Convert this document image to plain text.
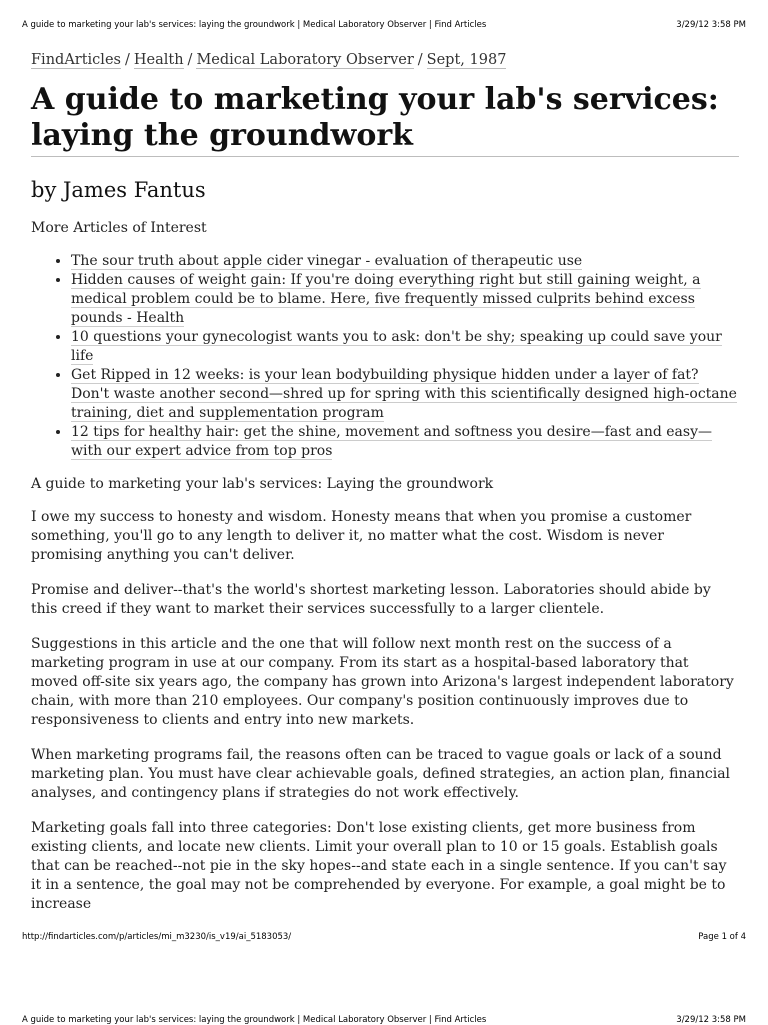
A guide to marketing your lab's services: laying the groundwork | Medical Laboratory Observer | Find Articles	3/29/12 3:58 PM
FindArticles / Health / Medical Laboratory Observer / Sept, 1987
A guide to marketing your lab's services:
laying the groundwork
by James Fantus
More Articles of Interest
• The sour truth about apple cider vinegar - evaluation of therapeutic use
• Hidden causes of weight gain: If you're doing everything right but still gaining weight, a medical problem could be to blame. Here, five frequently missed culprits behind excess pounds - Health
• 10 questions your gynecologist wants you to ask: don't be shy; speaking up could save your life
• Get Ripped in 12 weeks: is your lean bodybuilding physique hidden under a layer of fat? Don't waste another second—shred up for spring with this scientifically designed high-octane training, diet and supplementation program
• 12 tips for healthy hair: get the shine, movement and softness you desire—fast and easy—with our expert advice from top pros
A guide to marketing your lab's services: Laying the groundwork

I owe my success to honesty and wisdom. Honesty means that when you promise a customer something, you'll go to any length to deliver it, no matter what the cost. Wisdom is never promising anything you can't deliver.

Promise and deliver--that's the world's shortest marketing lesson. Laboratories should abide by this creed if they want to market their services successfully to a larger clientele.

Suggestions in this article and the one that will follow next month rest on the success of a marketing program in use at our company. From its start as a hospital-based laboratory that moved off-site six years ago, the company has grown into Arizona's largest independent laboratory chain, with more than 210 employees. Our company's position continuously improves due to responsiveness to clients and entry into new markets.

When marketing programs fail, the reasons often can be traced to vague goals or lack of a sound marketing plan. You must have clear achievable goals, defined strategies, an action plan, financial analyses, and contingency plans if strategies do not work effectively.

Marketing goals fall into three categories: Don't lose existing clients, get more business from existing clients, and locate new clients. Limit your overall plan to 10 or 15 goals. Establish goals that can be reached--not pie in the sky hopes--and state each in a single sentence. If you can't say it in a sentence, the goal may not be comprehended by everyone. For example, a goal might be to increase

http://findarticles.com/p/articles/mi_m3230/is_v19/ai_5183053/	Page 1 of 4
A guide to marketing your lab's services: laying the groundwork | Medical Laboratory Observer | Find Articles	3/29/12 3:58 PM
